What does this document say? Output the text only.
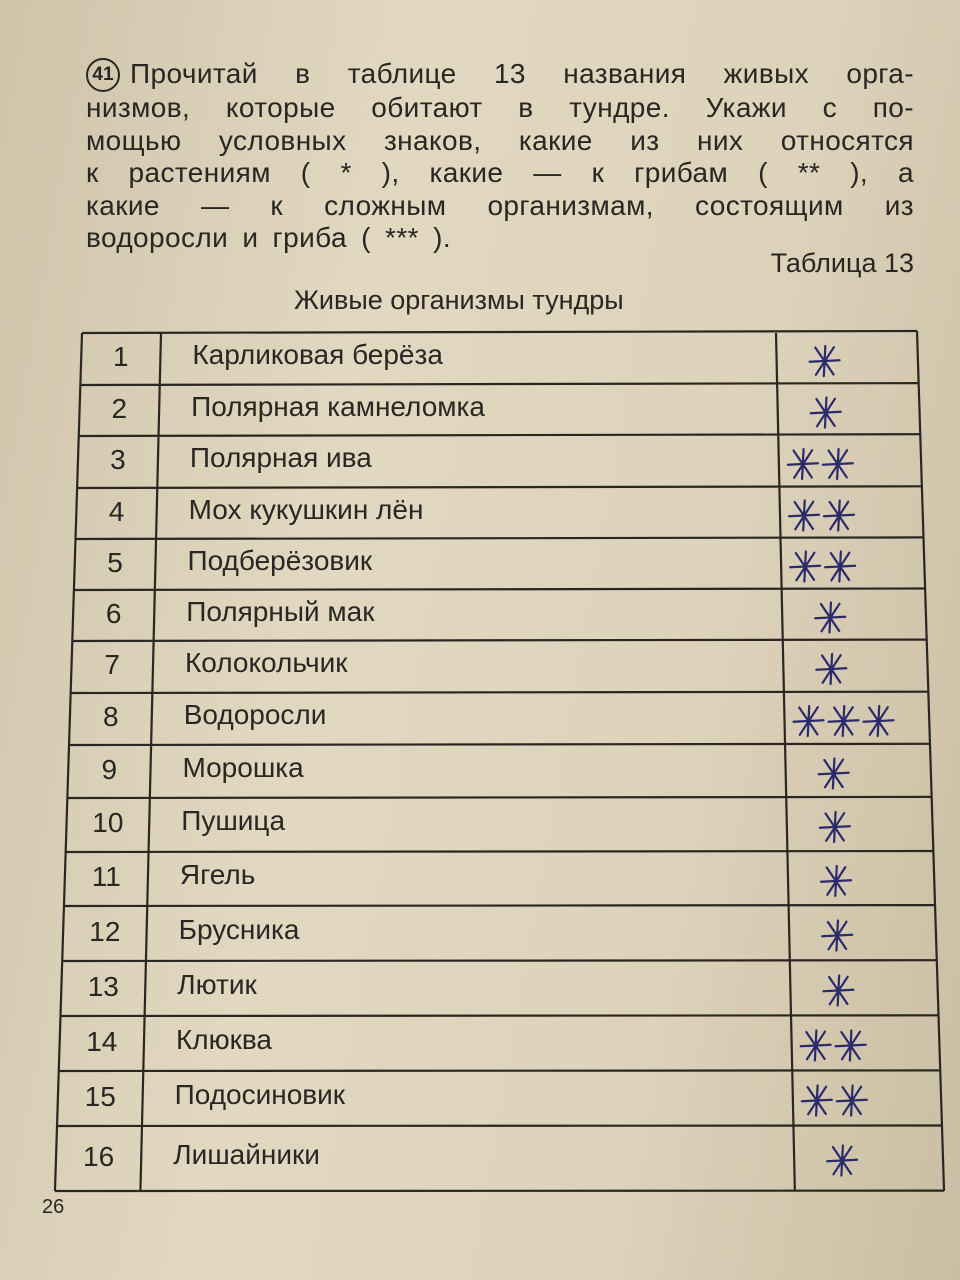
41 Прочитай в таблице 13 названия живых орга-
низмов, которые обитают в тундре. Укажи с по-
мощью условных знаков, какие из них относятся
к растениям ( * ), какие — к грибам ( ** ), а
какие — к сложным организмам, состоящим из
водоросли и гриба ( *** ).
Таблица 13
Живые организмы тундры
1	Карликовая берёза
2	Полярная камнеломка
3	Полярная ива
4	Мох кукушкин лён
5	Подберёзовик
6	Полярный мак
7	Колокольчик
8	Водоросли
9	Морошка
10	Пушица
11	Ягель
12	Брусника
13	Лютик
14	Клюква
15	Подосиновик
16	Лишайники
26
